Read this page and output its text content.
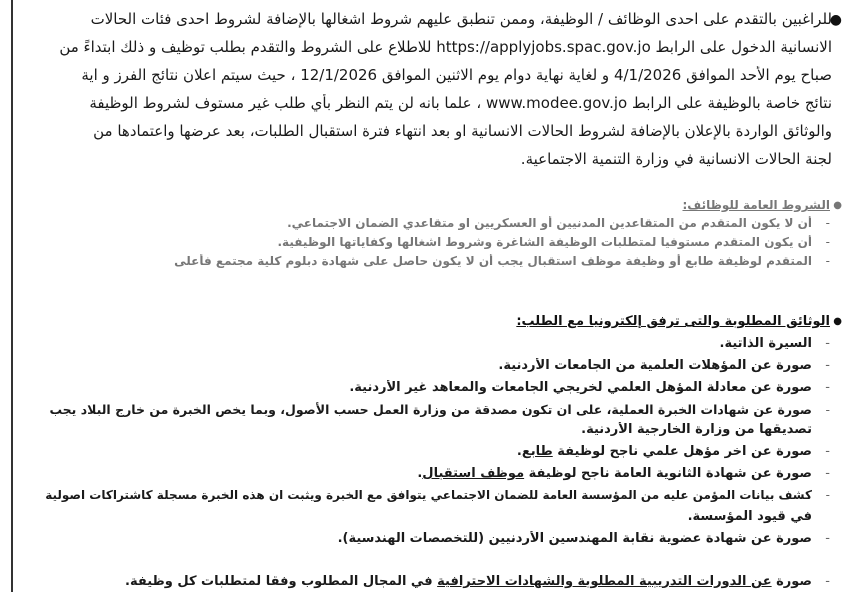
●
للراغبين بالتقدم على احدى الوظائف / الوظيفة، وممن تنطبق عليهم شروط اشغالها بالإضافة لشروط احدى فئات الحالات
الانسانية الدخول على الرابط https://applyjobs.spac.gov.jo للاطلاع على الشروط والتقدم بطلب توظيف و ذلك ابتداءً من
صباح يوم الأحد الموافق 4/1/2026 و لغاية نهاية دوام يوم الاثنين الموافق 12/1/2026 ، حيث سيتم اعلان نتائج الفرز و اية
نتائج خاصة بالوظيفة على الرابط www.modee.gov.jo ، علما بانه لن يتم النظر بأي طلب غير مستوف لشروط الوظيفة
والوثائق الواردة بالإعلان بالإضافة لشروط الحالات الانسانية او بعد انتهاء فترة استقبال الطلبات، بعد عرضها واعتمادها من
لجنة الحالات الانسانية في وزارة التنمية الاجتماعية.
●
الشروط العامة للوظائف:
-أن لا يكون المتقدم من المتقاعدين المدنيين أو العسكريين او متقاعدي الضمان الاجتماعي.
-أن يكون المتقدم مستوفيا لمتطلبات الوظيفة الشاغرة وشروط اشغالها وكفاياتها الوظيفية.
-المتقدم لوظيفة طابع أو وظيفة موظف استقبال يجب أن لا يكون حاصل على شهادة دبلوم كلية مجتمع فأعلى
●
الوثائق المطلوبة والتى ترفق إلكترونيا مع الطلب:
-السيرة الذاتية.
-صورة عن المؤهلات العلمية من الجامعات الأردنية.
-صورة عن معادلة المؤهل العلمي لخريجي الجامعات والمعاهد غير الأردنية.
-صورة عن شهادات الخبرة العملية، على ان تكون مصدقة من وزارة العمل حسب الأصول، وبما يخص الخبرة من خارج البلاد يجب
تصديقها من وزارة الخارجية الأردنية.
-صورة عن اخر مؤهل علمي ناجح لوظيفة طابع.
-صورة عن شهادة الثانوية العامة ناجح لوظيفة موظف استقبال.
-كشف بيانات المؤمن عليه من المؤسسة العامة للضمان الاجتماعي يتوافق مع الخبرة ويثبت ان هذه الخبرة مسجلة كاشتراكات اصولية
في قيود المؤسسة.
-صورة عن شهادة عضوية نقابة المهندسين الأردنيين (للتخصصات الهندسية).
-صورة عن الدورات التدريبية المطلوبة والشهادات الاحترافية في المجال المطلوب وفقا لمتطلبات كل وظيفة.
